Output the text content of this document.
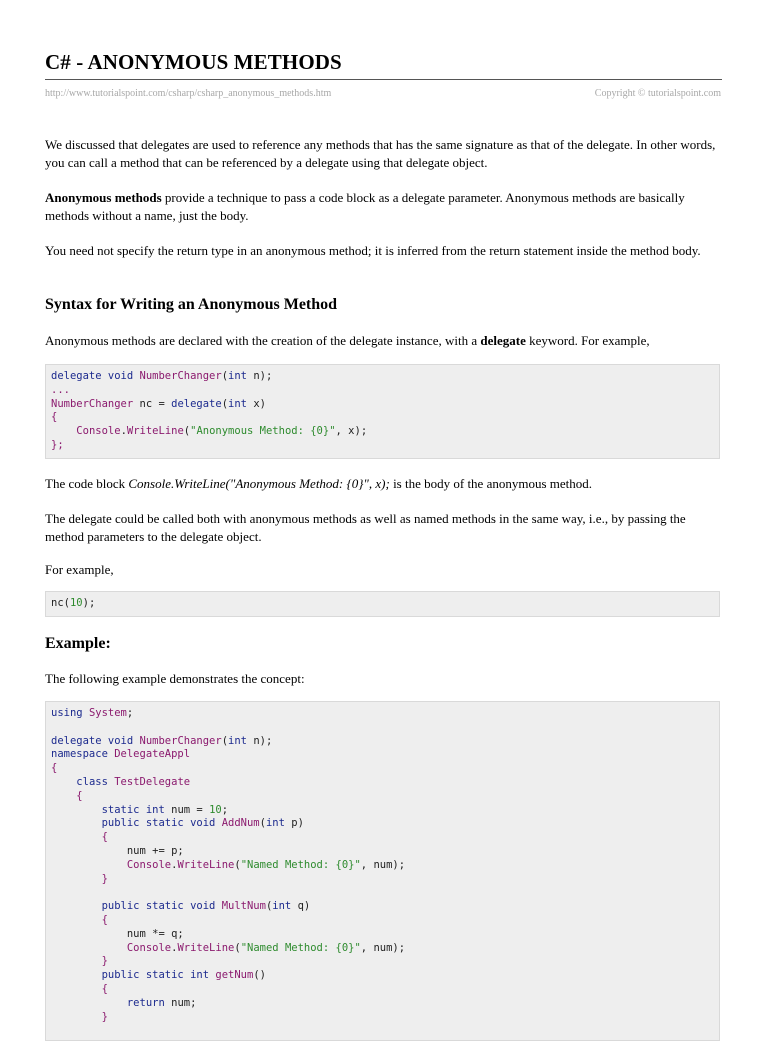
C# - ANONYMOUS METHODS
http://www.tutorialspoint.com/csharp/csharp_anonymous_methods.htm	Copyright © tutorialspoint.com

We discussed that delegates are used to reference any methods that has the same signature as that of the delegate. In other words, you can call a method that can be referenced by a delegate using that delegate object.

Anonymous methods provide a technique to pass a code block as a delegate parameter. Anonymous methods are basically methods without a name, just the body.

You need not specify the return type in an anonymous method; it is inferred from the return statement inside the method body.

Syntax for Writing an Anonymous Method

Anonymous methods are declared with the creation of the delegate instance, with a delegate keyword. For example,

delegate void NumberChanger(int n);
...
NumberChanger nc = delegate(int x)
{
Console.WriteLine("Anonymous Method: {0}", x);
};

The code block Console.WriteLine("Anonymous Method: {0}", x); is the body of the anonymous method.

The delegate could be called both with anonymous methods as well as named methods in the same way, i.e., by passing the method parameters to the delegate object.

For example,

nc(10);
Example:

The following example demonstrates the concept:

using System;

delegate void NumberChanger(int n);
namespace DelegateAppl
{
class TestDelegate
{
static int num = 10;
public static void AddNum(int p)
{
num += p;
Console.WriteLine("Named Method: {0}", num);
}

public static void MultNum(int q)
{
num *= q;
Console.WriteLine("Named Method: {0}", num);
}
public static int getNum()
{
return num;
}
